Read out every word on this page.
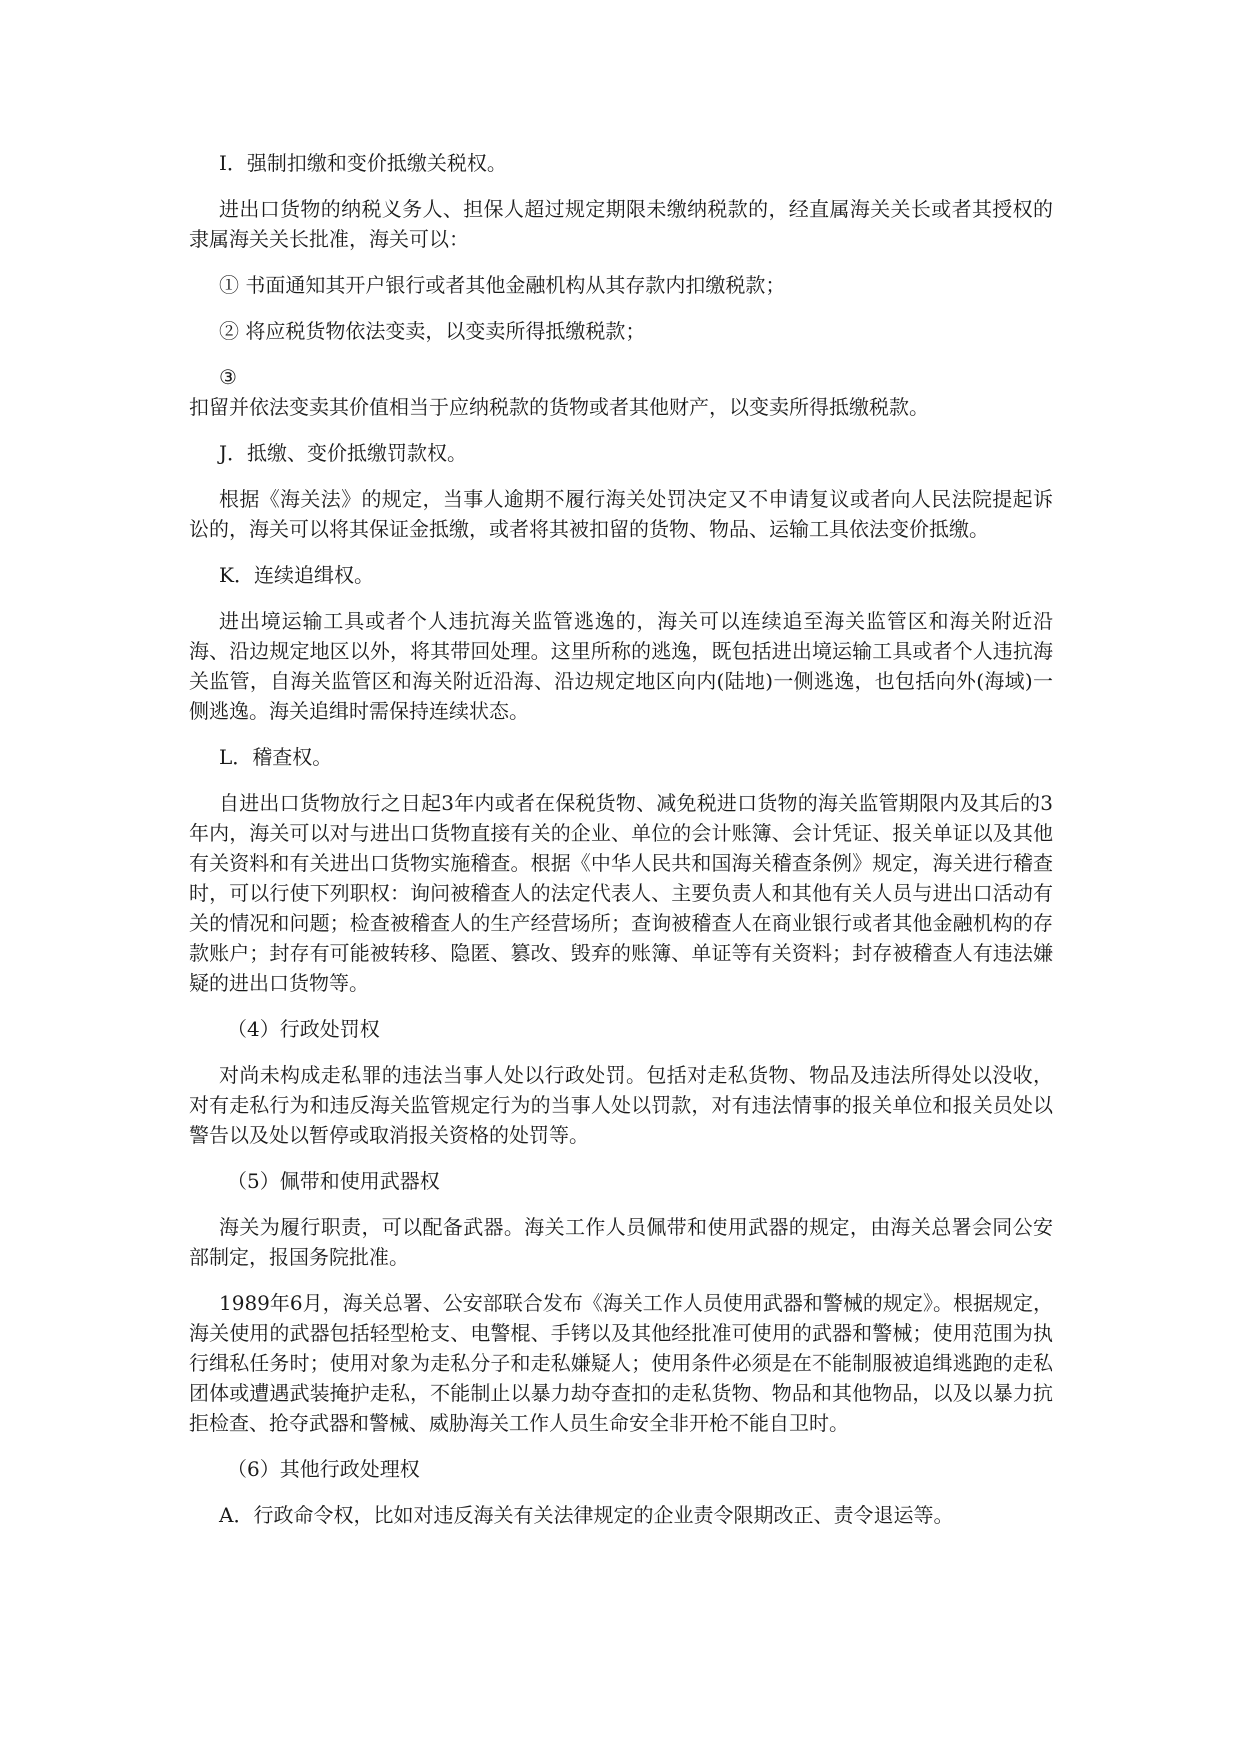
I．强制扣缴和变价抵缴关税权。

进出口货物的纳税义务人、担保人超过规定期限未缴纳税款的，经直属海关关长或者其授权的隶属海关关长批准，海关可以：

① 书面通知其开户银行或者其他金融机构从其存款内扣缴税款；

② 将应税货物依法变卖，以变卖所得抵缴税款；

③

扣留并依法变卖其价值相当于应纳税款的货物或者其他财产，以变卖所得抵缴税款。

J．抵缴、变价抵缴罚款权。

根据《海关法》的规定，当事人逾期不履行海关处罚决定又不申请复议或者向人民法院提起诉讼的，海关可以将其保证金抵缴，或者将其被扣留的货物、物品、运输工具依法变价抵缴。

K．连续追缉权。

进出境运输工具或者个人违抗海关监管逃逸的，海关可以连续追至海关监管区和海关附近沿海、沿边规定地区以外，将其带回处理。这里所称的逃逸，既包括进出境运输工具或者个人违抗海关监管，自海关监管区和海关附近沿海、沿边规定地区向内(陆地)一侧逃逸，也包括向外(海域)一侧逃逸。海关追缉时需保持连续状态。

L．稽查权。

自进出口货物放行之日起3年内或者在保税货物、减免税进口货物的海关监管期限内及其后的3年内，海关可以对与进出口货物直接有关的企业、单位的会计账簿、会计凭证、报关单证以及其他有关资料和有关进出口货物实施稽查。根据《中华人民共和国海关稽查条例》规定，海关进行稽查时，可以行使下列职权：询问被稽查人的法定代表人、主要负责人和其他有关人员与进出口活动有关的情况和问题；检查被稽查人的生产经营场所；查询被稽查人在商业银行或者其他金融机构的存款账户；封存有可能被转移、隐匿、篡改、毁弃的账簿、单证等有关资料；封存被稽查人有违法嫌疑的进出口货物等。

（4）行政处罚权

对尚未构成走私罪的违法当事人处以行政处罚。包括对走私货物、物品及违法所得处以没收，对有走私行为和违反海关监管规定行为的当事人处以罚款，对有违法情事的报关单位和报关员处以警告以及处以暂停或取消报关资格的处罚等。

（5）佩带和使用武器权

海关为履行职责，可以配备武器。海关工作人员佩带和使用武器的规定，由海关总署会同公安部制定，报国务院批准。

1989年6月，海关总署、公安部联合发布《海关工作人员使用武器和警械的规定》。根据规定，海关使用的武器包括轻型枪支、电警棍、手铐以及其他经批准可使用的武器和警械；使用范围为执行缉私任务时；使用对象为走私分子和走私嫌疑人；使用条件必须是在不能制服被追缉逃跑的走私团体或遭遇武装掩护走私，不能制止以暴力劫夺查扣的走私货物、物品和其他物品，以及以暴力抗拒检查、抢夺武器和警械、威胁海关工作人员生命安全非开枪不能自卫时。

（6）其他行政处理权

A．行政命令权，比如对违反海关有关法律规定的企业责令限期改正、责令退运等。
